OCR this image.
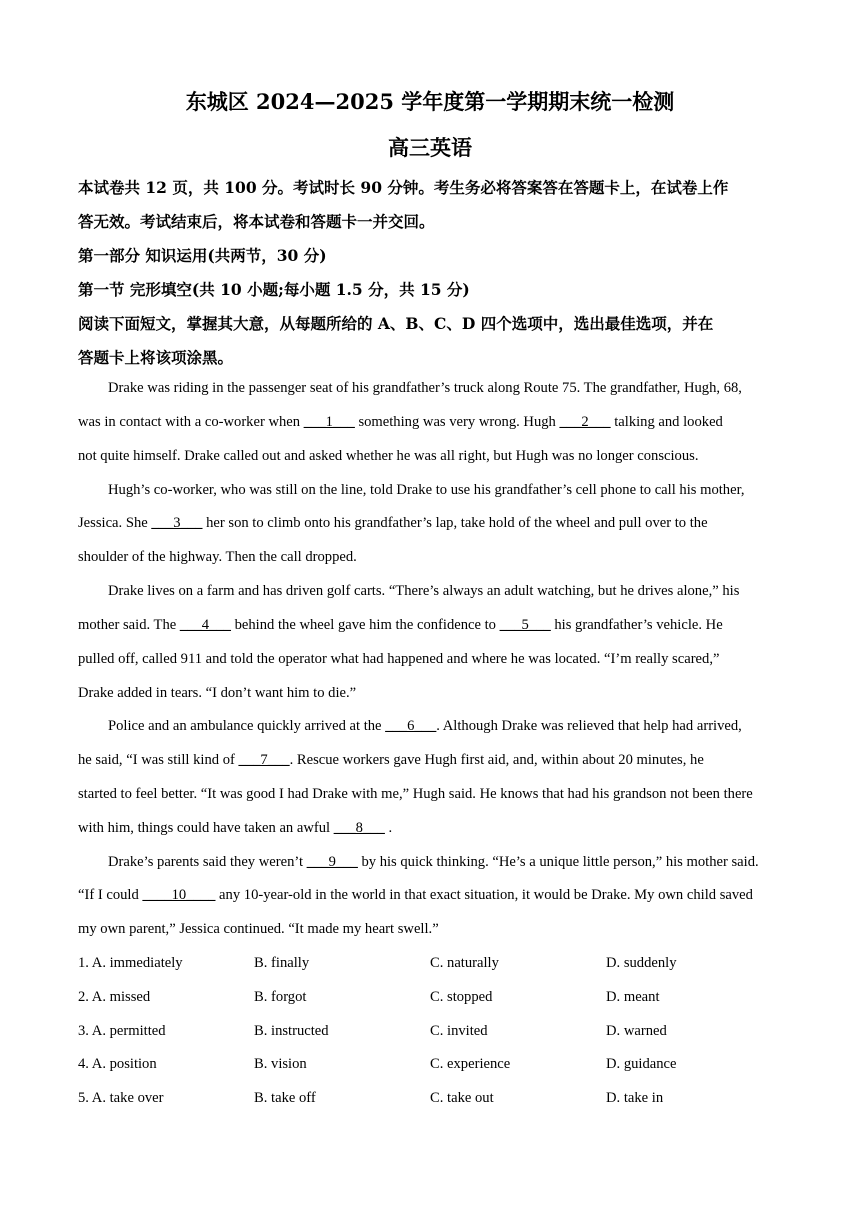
东城区 2024—2025 学年度第一学期期末统一检测
高三英语
本试卷共 12 页，共 100 分。考试时长 90 分钟。考生务必将答案答在答题卡上，在试卷上作
答无效。考试结束后，将本试卷和答题卡一并交回。
第一部分 知识运用(共两节，30 分)
第一节 完形填空(共 10 小题;每小题 1.5 分，共 15 分)
阅读下面短文，掌握其大意，从每题所给的 A、B、C、D 四个选项中，选出最佳选项，并在
答题卡上将该项涂黑。
Drake was riding in the passenger seat of his grandfather’s truck along Route 75. The grandfather, Hugh, 68,
was in contact with a co-worker when ___1___ something was very wrong. Hugh ___2___ talking and looked
not quite himself. Drake called out and asked whether he was all right, but Hugh was no longer conscious.
Hugh’s co-worker, who was still on the line, told Drake to use his grandfather’s cell phone to call his mother,
Jessica. She ___3___ her son to climb onto his grandfather’s lap, take hold of the wheel and pull over to the
shoulder of the highway. Then the call dropped.
Drake lives on a farm and has driven golf carts. “There’s always an adult watching, but he drives alone,” his
mother said. The ___4___ behind the wheel gave him the confidence to ___5___ his grandfather’s vehicle. He
pulled off, called 911 and told the operator what had happened and where he was located. “I’m really scared,”
Drake added in tears. “I don’t want him to die.”
Police and an ambulance quickly arrived at the ___6___. Although Drake was relieved that help had arrived,
he said, “I was still kind of ___7___. Rescue workers gave Hugh first aid, and, within about 20 minutes, he
started to feel better. “It was good I had Drake with me,” Hugh said. He knows that had his grandson not been there
with him, things could have taken an awful ___8___ .
Drake’s parents said they weren’t ___9___ by his quick thinking. “He’s a unique little person,” his mother said.
“If I could ____10____ any 10-year-old in the world in that exact situation, it would be Drake. My own child saved
my own parent,” Jessica continued. “It made my heart swell.”
1. A. immediately	B. finally	C. naturally	D. suddenly
2. A. missed	B. forgot	C. stopped	D. meant
3. A. permitted	B. instructed	C. invited	D. warned
4. A. position	B. vision	C. experience	D. guidance
5. A. take over	B. take off	C. take out	D. take in
